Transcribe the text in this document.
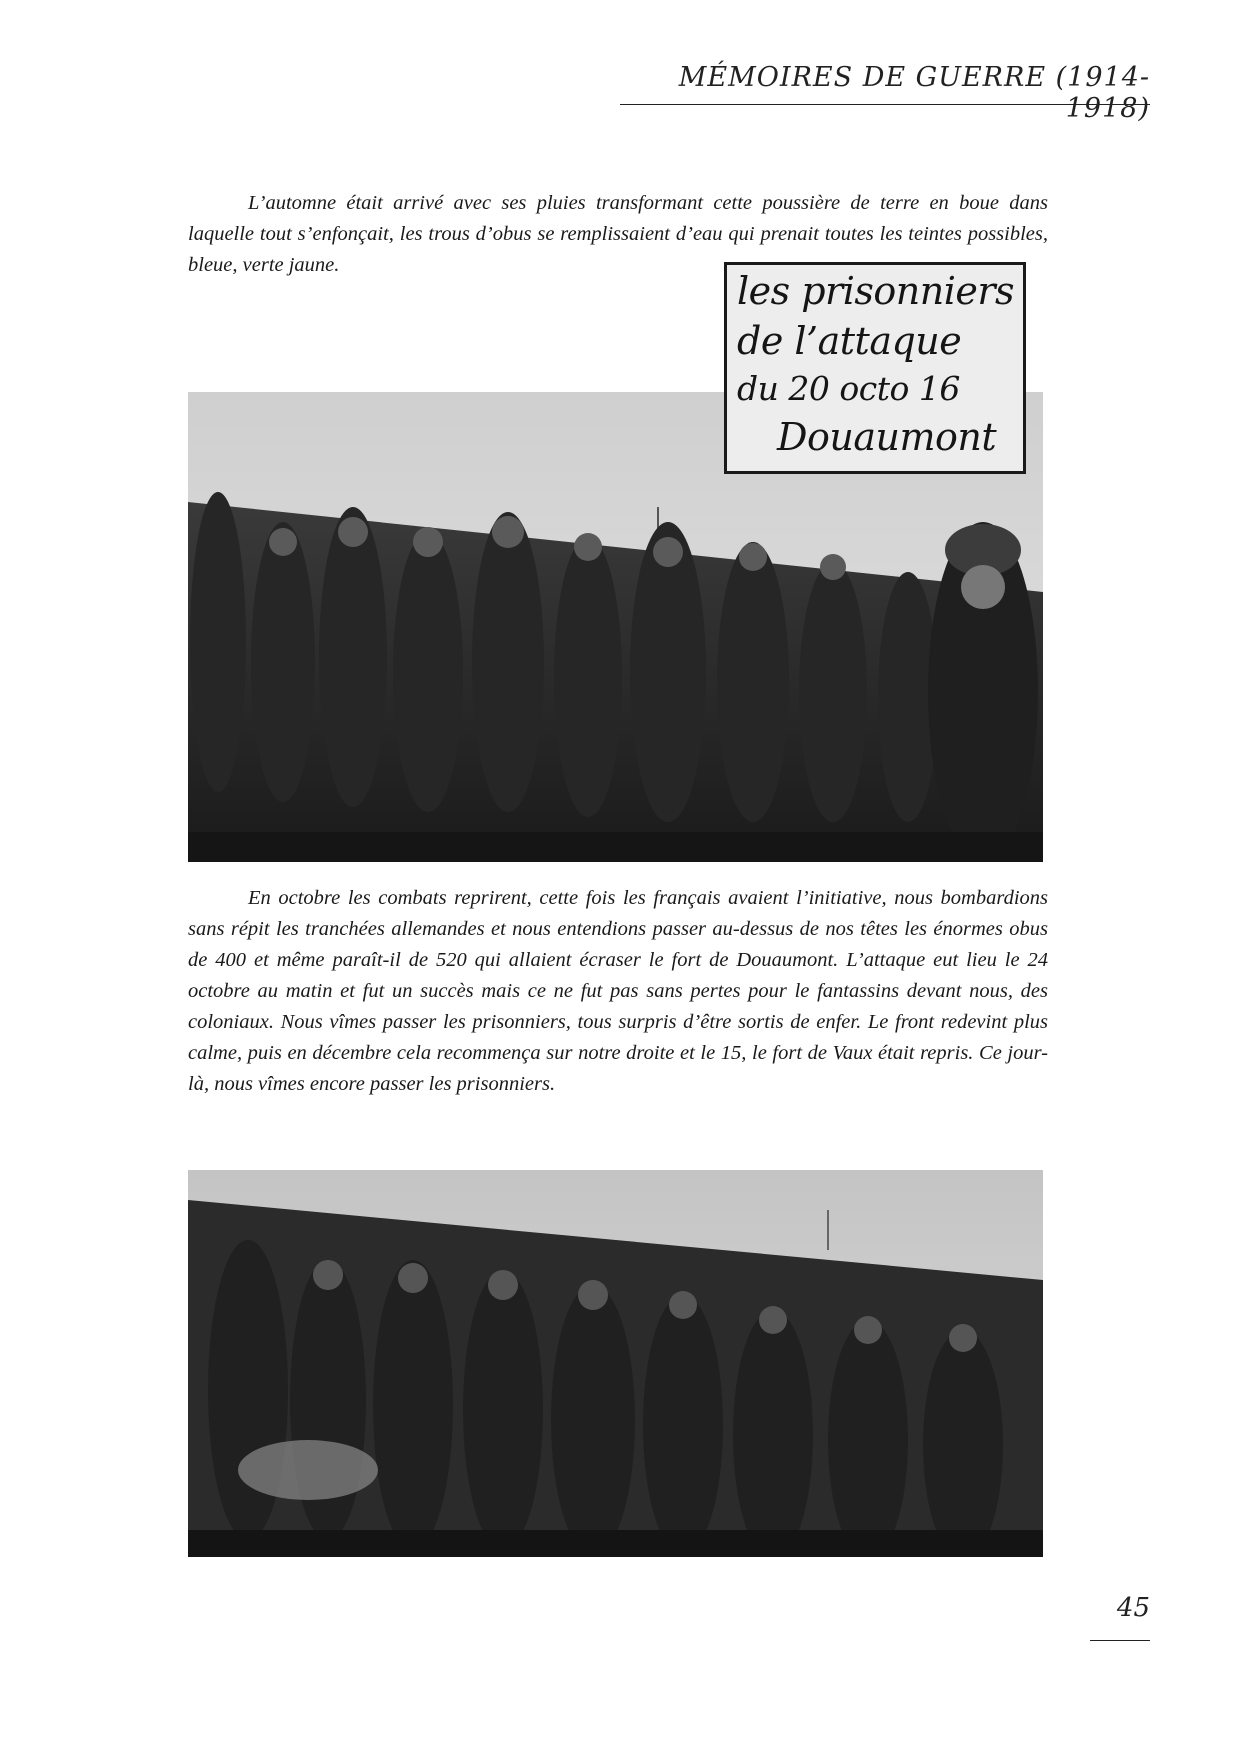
MÉMOIRES DE GUERRE (1914-1918)

L’automne était arrivé avec ses pluies transformant cette poussière de terre en boue dans laquelle tout s’enfonçait, les trous d’obus se remplissaient d’eau qui prenait toutes les teintes possibles, bleue, verte jaune.

les prisonniers
de l’attaque
du 20 octo 16
Douaumont

En octobre les combats reprirent, cette fois les français avaient l’initiative, nous bombardions sans répit les tranchées allemandes et nous entendions passer au-dessus de nos têtes les énormes obus de 400 et même paraît-il de 520 qui allaient écraser le fort de Douaumont. L’attaque eut lieu le 24 octobre au matin et fut un succès mais ce ne fut pas sans pertes pour le fantassins devant nous, des coloniaux. Nous vîmes passer les prisonniers, tous surpris d’être sortis de enfer. Le front redevint plus calme, puis en décembre cela recommença sur notre droite et le 15, le fort de Vaux était repris. Ce jour-là, nous vîmes encore passer les prisonniers.

45
